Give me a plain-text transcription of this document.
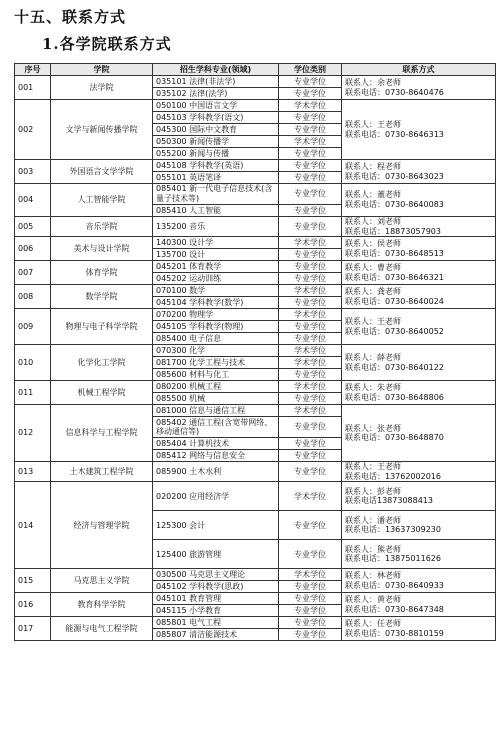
十五、联系方式
1.各学院联系方式
序号	学院	招生学科专业(领域)	学位类别	联系方式
001	法学院	035101 法律(非法学)	专业学位	联系人：余老师
联系电话：0730-8640476

		035102 法律(法学)	专业学位	
002	文学与新闻传播学院	050100 中国语言文学	学术学位	联系人：王老师
联系电话：0730-8646313

		045103 学科教学(语文)	专业学位	
		045300 国际中文教育	专业学位	
		050300 新闻传播学	学术学位	
		055200 新闻与传播	专业学位	
003	外国语言文学学院	045108 学科教学(英语)	专业学位	联系人：程老师
联系电话：0730-8643023

		055101 英语笔译	专业学位	
004	人工智能学院	085401 新一代电子信息技术(含量子技术等)	专业学位	联系人：董老师
联系电话：0730-8640083

		085410 人工智能	专业学位	
005	音乐学院	135200 音乐	专业学位	联系人：刘老师
联系电话：18873057903

006	美术与设计学院	140300 设计学	学术学位	联系人：侯老师
联系电话：0730-8648513

		135700 设计	专业学位	
007	体育学院	045201 体育教学	专业学位	联系人：曹老师
联系电话：0730-8646321

		045202 运动训练	专业学位	
008	数学学院	070100 数学	学术学位	联系人：龚老师
联系电话：0730-8640024

		045104 学科教学(数学)	专业学位	
009	物理与电子科学学院	070200 物理学	学术学位	联系人：王老师
联系电话：0730-8640052

		045105 学科教学(物理)	专业学位	
		085400 电子信息	专业学位	
010	化学化工学院	070300 化学	学术学位	联系人：薛老师
联系电话：0730-8640122

		081700 化学工程与技术	学术学位	
		085600 材料与化工	专业学位	
011	机械工程学院	080200 机械工程	学术学位	联系人：朱老师
联系电话：0730-8648806

		085500 机械	专业学位	
012	信息科学与工程学院	081000 信息与通信工程	学术学位	联系人：张老师
联系电话：0730-8648870

		085402 通信工程(含宽带网络、移动通信等)	专业学位	
		085404 计算机技术	专业学位	
		085412 网络与信息安全	专业学位	
013	土木建筑工程学院	085900 土木水利	专业学位	联系人：王老师
联系电话：13762002016

014	经济与管理学院	020200 应用经济学	学术学位	联系人：彭老师
联系电话13873088413

		125300 会计	专业学位	联系人：潘老师
联系电话：13637309230

		125400 旅游管理	专业学位	联系人：熊老师
联系电话：13875011626

015	马克思主义学院	030500 马克思主义理论	学术学位	联系人：林老师
联系电话：0730-8640933

		045102 学科教学(思政)	专业学位	
016	教育科学学院	045101 教育管理	专业学位	联系人：黄老师
联系电话：0730-8647348

		045115 小学教育	专业学位	
017	能源与电气工程学院	085801 电气工程	专业学位	联系人：任老师
联系电话：0730-8810159

		085807 清洁能源技术	专业学位	
